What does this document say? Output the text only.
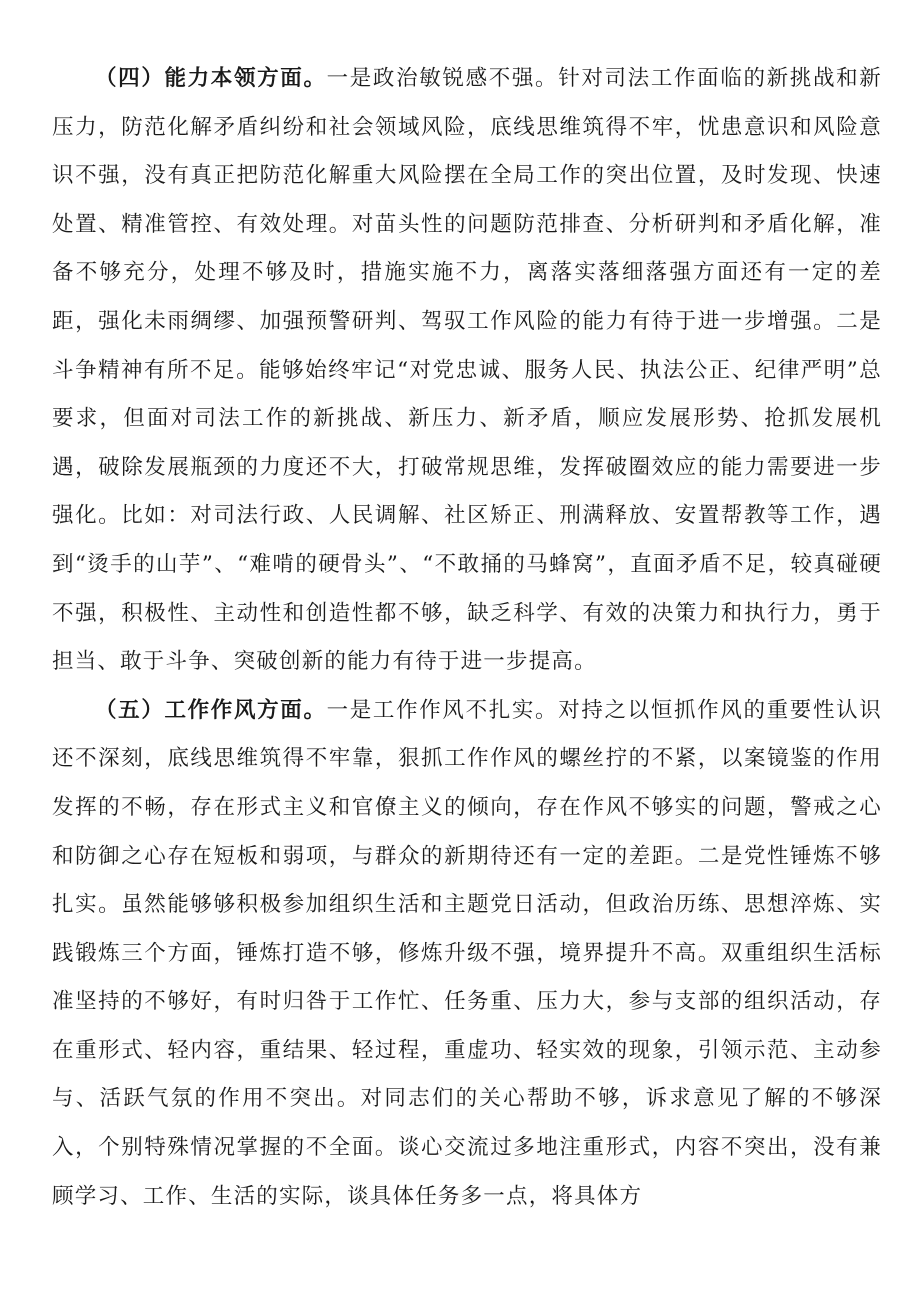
（四）能力本领方面。一是政治敏锐感不强。针对司法工作面临的新挑战和新压力，防范化解矛盾纠纷和社会领域风险，底线思维筑得不牢，忧患意识和风险意识不强，没有真正把防范化解重大风险摆在全局工作的突出位置，及时发现、快速处置、精准管控、有效处理。对苗头性的问题防范排查、分析研判和矛盾化解，准备不够充分，处理不够及时，措施实施不力，离落实落细落强方面还有一定的差距，强化未雨绸缪、加强预警研判、驾驭工作风险的能力有待于进一步增强。二是斗争精神有所不足。能够始终牢记“对党忠诚、服务人民、执法公正、纪律严明”总要求，但面对司法工作的新挑战、新压力、新矛盾，顺应发展形势、抢抓发展机遇，破除发展瓶颈的力度还不大，打破常规思维，发挥破圈效应的能力需要进一步强化。比如：对司法行政、人民调解、社区矫正、刑满释放、安置帮教等工作，遇到“烫手的山芋”、“难啃的硬骨头”、“不敢捅的马蜂窝”，直面矛盾不足，较真碰硬不强，积极性、主动性和创造性都不够，缺乏科学、有效的决策力和执行力，勇于担当、敢于斗争、突破创新的能力有待于进一步提高。

（五）工作作风方面。一是工作作风不扎实。对持之以恒抓作风的重要性认识还不深刻，底线思维筑得不牢靠，狠抓工作作风的螺丝拧的不紧，以案镜鉴的作用发挥的不畅，存在形式主义和官僚主义的倾向，存在作风不够实的问题，警戒之心和防御之心存在短板和弱项，与群众的新期待还有一定的差距。二是党性锤炼不够扎实。虽然能够够积极参加组织生活和主题党日活动，但政治历练、思想淬炼、实践锻炼三个方面，锤炼打造不够，修炼升级不强，境界提升不高。双重组织生活标准坚持的不够好，有时归咎于工作忙、任务重、压力大，参与支部的组织活动，存在重形式、轻内容，重结果、轻过程，重虚功、轻实效的现象，引领示范、主动参与、活跃气氛的作用不突出。对同志们的关心帮助不够，诉求意见了解的不够深入，个别特殊情况掌握的不全面。谈心交流过多地注重形式，内容不突出，没有兼顾学习、工作、生活的实际，谈具体任务多一点，将具体方
